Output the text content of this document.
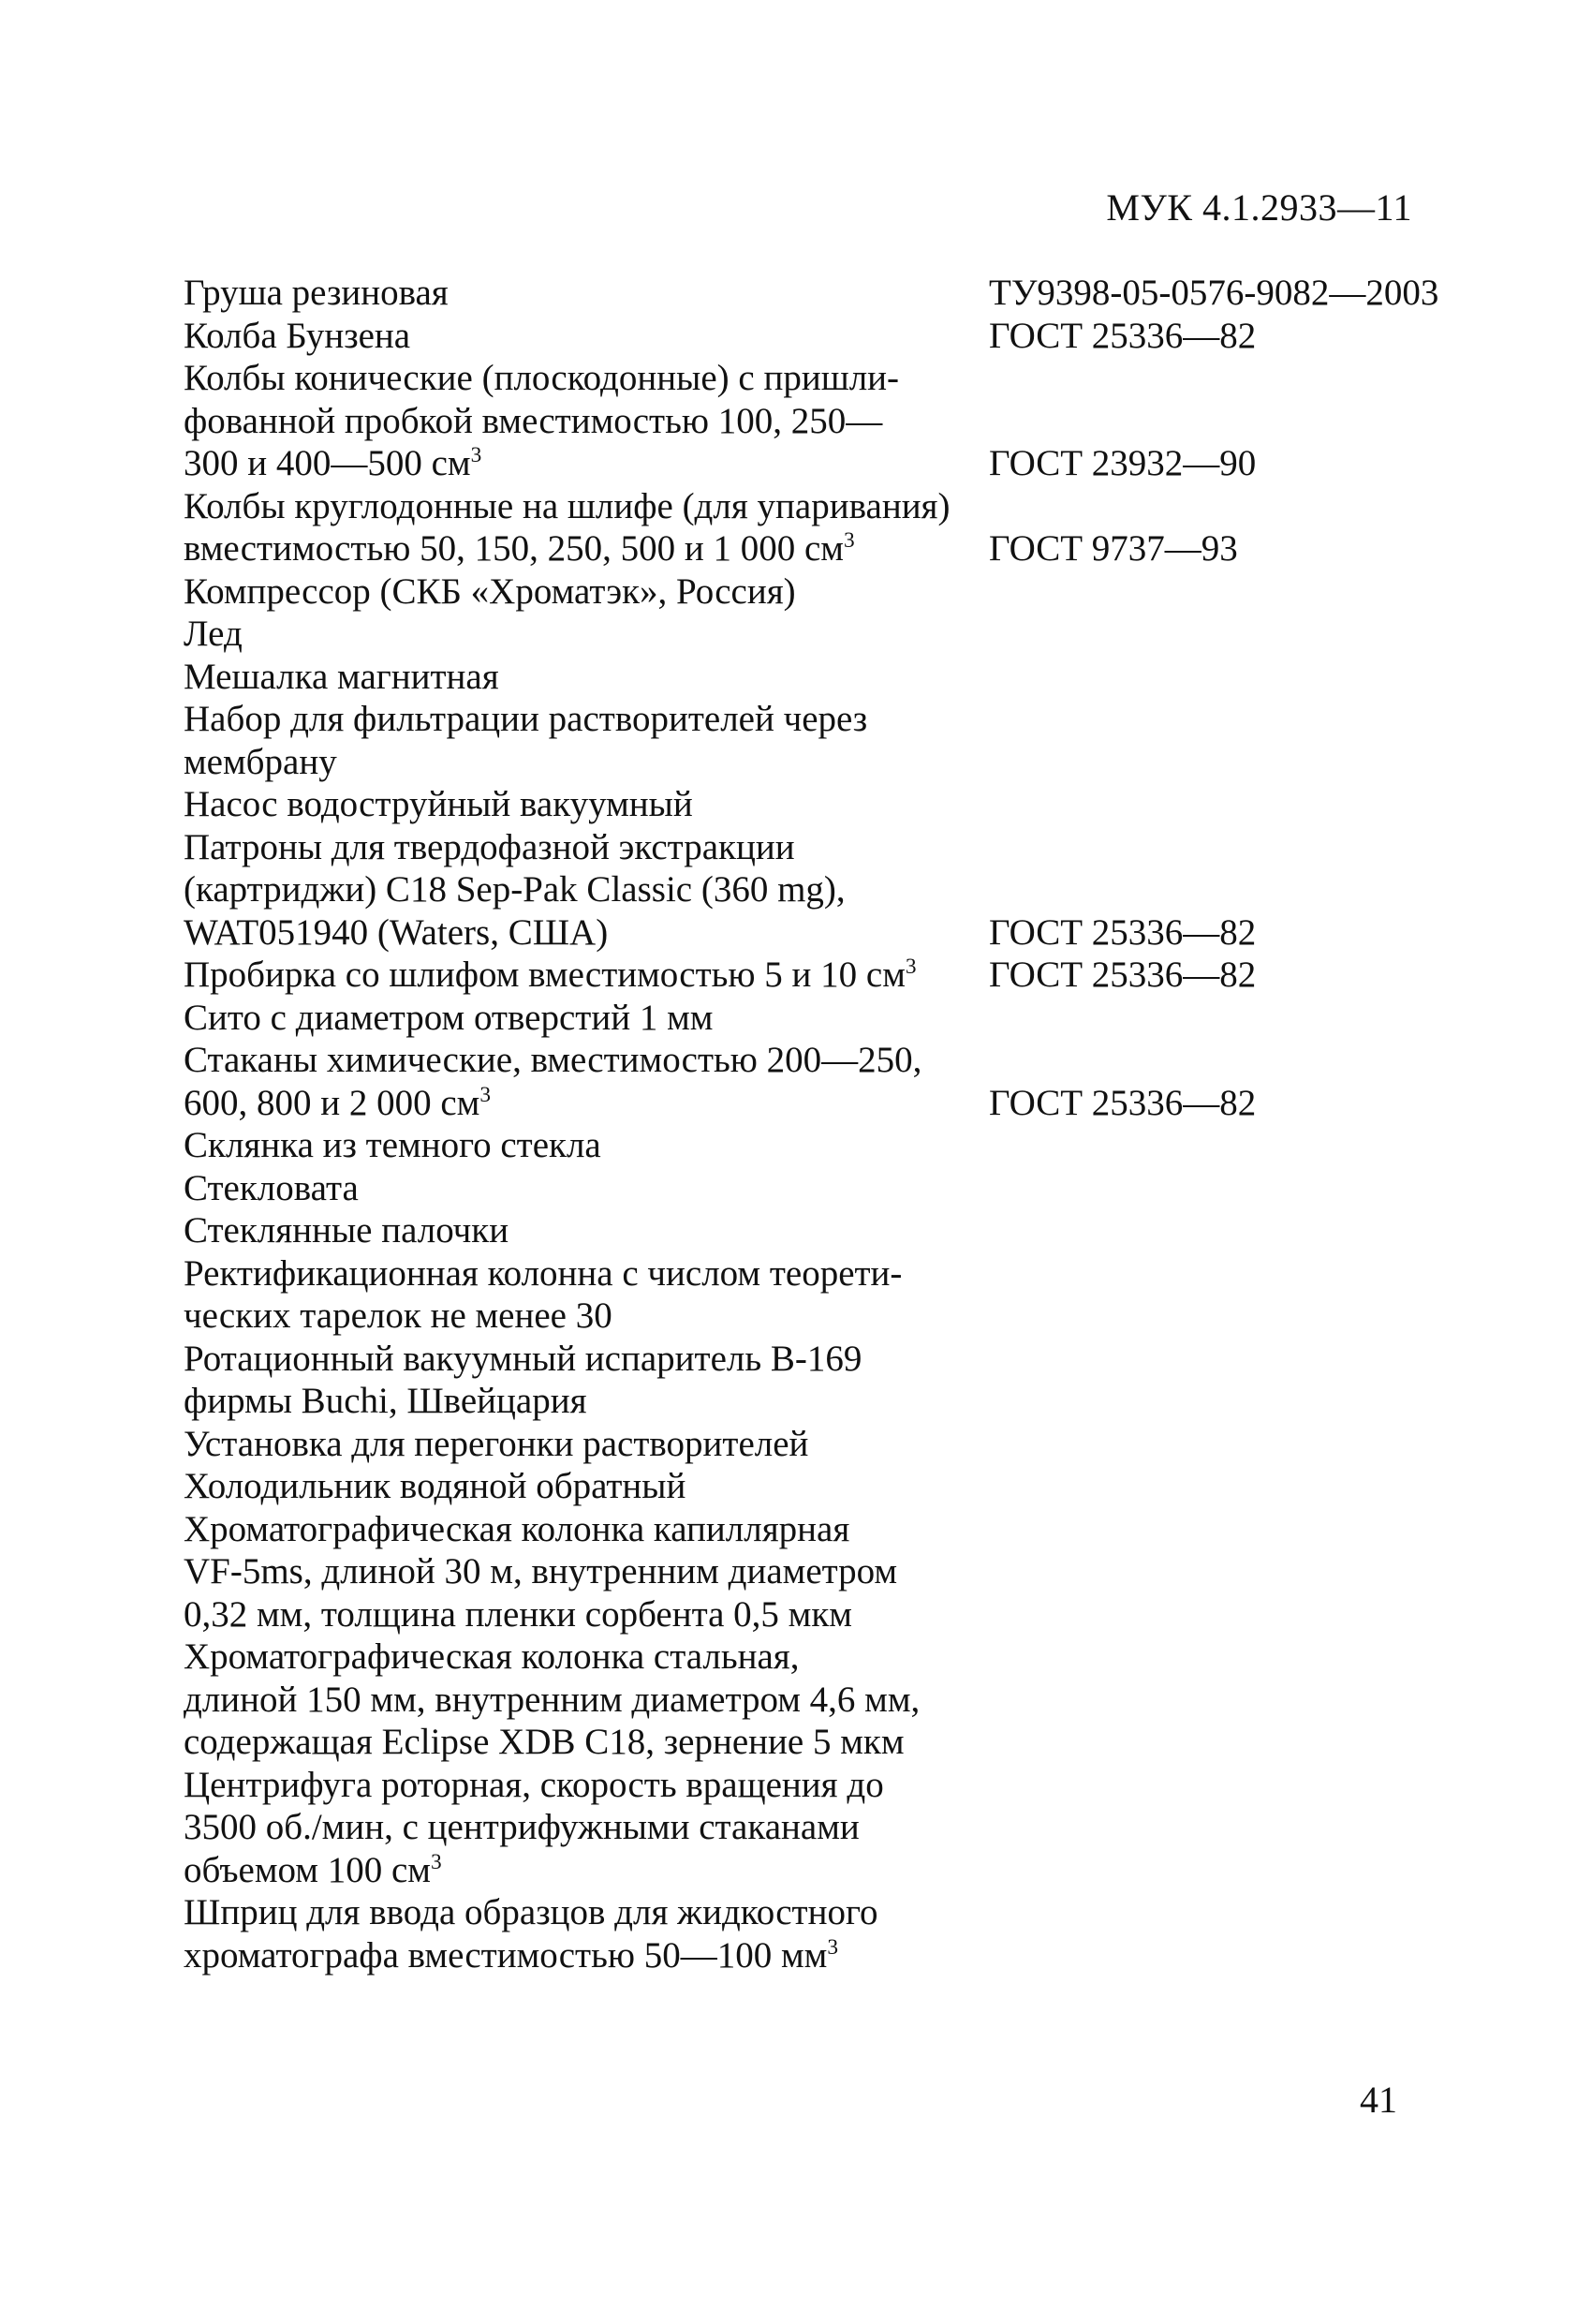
МУК 4.1.2933—11
Груша резиновая	ТУ9398-05-0576-9082—2003
Колба Бунзена	ГОСТ 25336—82
Колбы конические (плоскодонные) с пришли-
фованной пробкой вместимостью 100, 250—
300 и 400—500 $см^3$	ГОСТ 23932—90
Колбы круглодонные на шлифе (для упаривания)
вместимостью 50, 150, 250, 500 и 1 000 $см^3$	ГОСТ 9737—93
Компрессор (СКБ «Хроматэк», Россия)
Лед
Мешалка магнитная
Набор для фильтрации растворителей через
мембрану
Насос водоструйный вакуумный
Патроны для твердофазной экстракции
(картриджи) C18 Sep-Pak Classic (360 mg),
WAT051940 (Waters, США)	ГОСТ 25336—82
Пробирка со шлифом вместимостью 5 и 10 $см^3$	ГОСТ 25336—82
Сито с диаметром отверстий 1 мм
Стаканы химические, вместимостью 200—250,
600, 800 и 2 000 $см^3$	ГОСТ 25336—82
Склянка из темного стекла
Стекловата
Стеклянные палочки
Ректификационная колонна с числом теорети-
ческих тарелок не менее 30
Ротационный вакуумный испаритель B-169
фирмы Buchi, Швейцария
Установка для перегонки растворителей
Холодильник водяной обратный
Хроматографическая колонка капиллярная
VF-5ms, длиной 30 м, внутренним диаметром
0,32 мм, толщина пленки сорбента 0,5 мкм
Хроматографическая колонка стальная,
длиной 150 мм, внутренним диаметром 4,6 мм,
содержащая Eclipse XDB C18, зернение 5 мкм
Центрифуга роторная, скорость вращения до
3500 об./мин, с центрифужными стаканами
объемом 100 $см^3$
Шприц для ввода образцов для жидкостного
хроматографа вместимостью 50—100 $мм^3$
41
